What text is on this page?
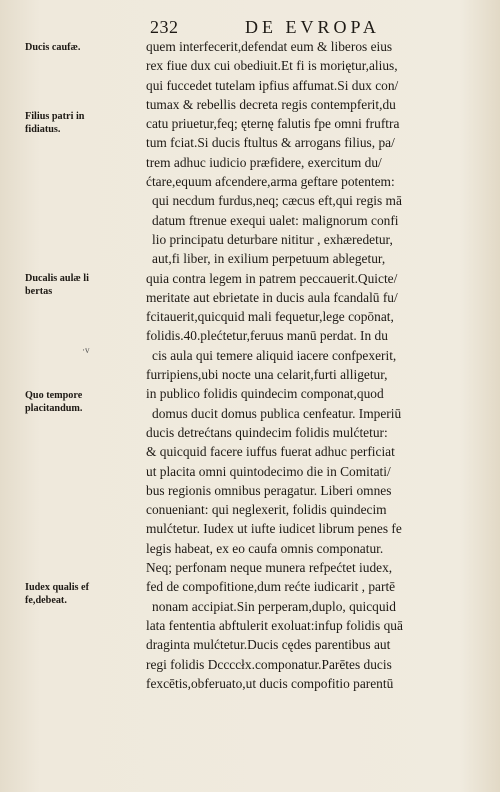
232	DE EVROPA
Ducis caufæ.
Filius patri in
fidiatus.
Ducalis aulæ li
bertas
Quo tempore
placitandum.
Iudex qualis ef
fe,debeat.
·v
quem interfecerit,defendat eum & liberos eius
rex fiue dux cui obediuit.Et fi is moriętur,alius,
qui fuccedet tutelam ipfius affumat.Si dux con/
tumax & rebellis decreta regis contempferit,du
catu priuetur,feq; ęternę falutis fpe omni fruftra
tum fciat.Si ducis ftultus & arrogans filius, pa/
trem adhuc iudicio præfidere, exercitum du/
ćtare,equum afcendere,arma geftare potentem:
qui necdum furdus,neq; cæcus eft,qui regis mā
datum ftrenue exequi ualet: malignorum confi
lio principatu deturbare nititur , exhæredetur,
aut,fi liber, in exilium perpetuum ablegetur,
quia contra legem in patrem peccauerit.Quicte/
meritate aut ebrietate in ducis aula fcandalū fu/
fcitauerit,quicquid mali fequetur,lege copōnat,
folidis.40.plećtetur,feruus manū perdat. In du
cis aula qui temere aliquid iacere confpexerit,
furripiens,ubi nocte una celarit,furti alligetur,
in publico folidis quindecim componat,quod
domus ducit domus publica cenfeatur. Imperiū
ducis detrećtans quindecim folidis mulćtetur:
& quicquid facere iuffus fuerat adhuc perficiat
ut placita omni quintodecimo die in Comitati/
bus regionis omnibus peragatur. Liberi omnes
conueniant: qui neglexerit, folidis quindecim
mulćtetur. Iudex ut iufte iudicet librum penes fe
legis habeat, ex eo caufa omnis componatur.
Neq; perfonam neque munera refpećtet iudex,
fed de compofitione,dum rećte iudicarit , partē
nonam accipiat.Sin perperam,duplo, quicquid
lata fententia abftulerit exoluat:infup folidis quā
draginta mulćtetur.Ducis cędes parentibus aut
regi folidis Dccccłx.componatur.Parētes ducis
fexcētis,obferuato,ut ducis compofitio parentū
